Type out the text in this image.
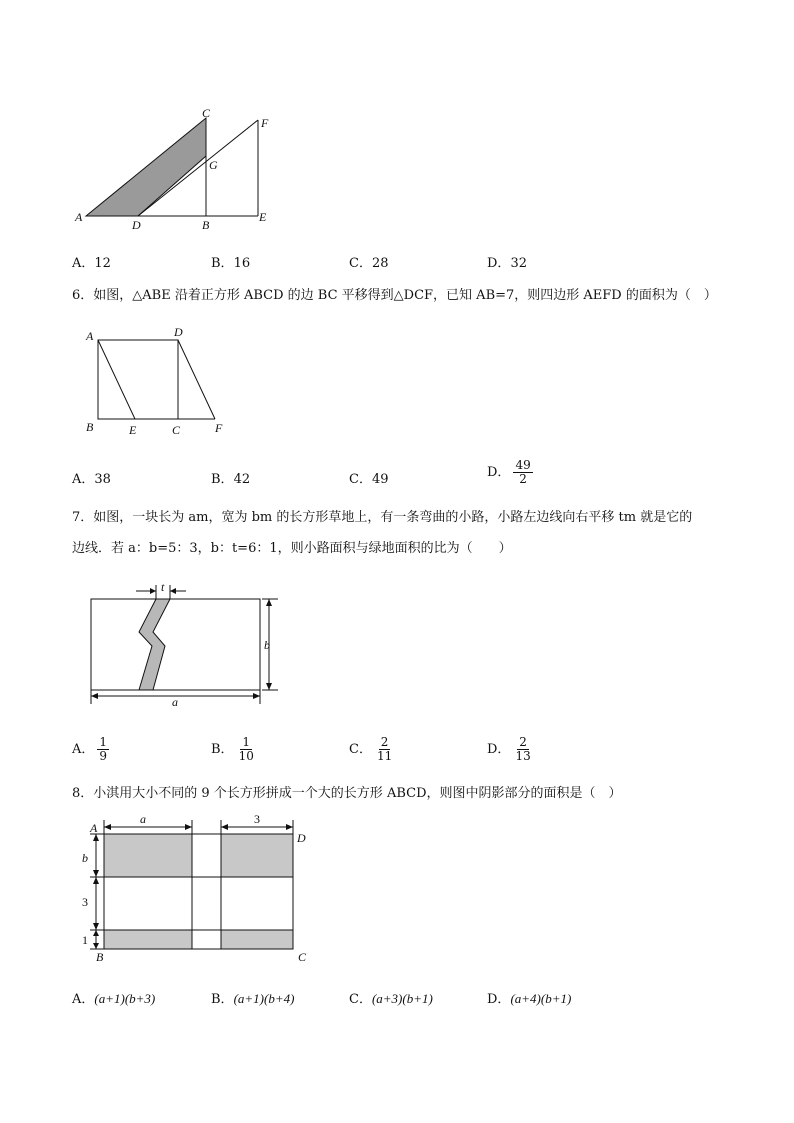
C
F
G
A
D	B
E
A．12	B．16	C．28	D．32
6．如图，△ABE 沿着正方形 ABCD 的边 BC 平移得到△DCF，已知 AB=7，则四边形 AEFD 的面积为（　）
A	D
B	E	C	F
A．38	B．42	C．49	D． $\frac{49}{2}$
7．如图，一块长为 am，宽为 bm 的长方形草地上，有一条弯曲的小路，小路左边线向右平移 tm 就是它的
边线．若 a：b=5：3，b：t=6：1，则小路面积与绿地面积的比为（　　）
t
b
a
A． $\frac{1}{9}$	B． $\frac{1}{10}$	C． $\frac{2}{11}$	D． $\frac{2}{13}$
8．小淇用大小不同的 9 个长方形拼成一个大的长方形 ABCD，则图中阴影部分的面积是（　）
a	3
b
3
1
A
D
B	C
A．(a+1)(b+3)	B．(a+1)(b+4)	C．(a+3)(b+1)	D．(a+4)(b+1)
